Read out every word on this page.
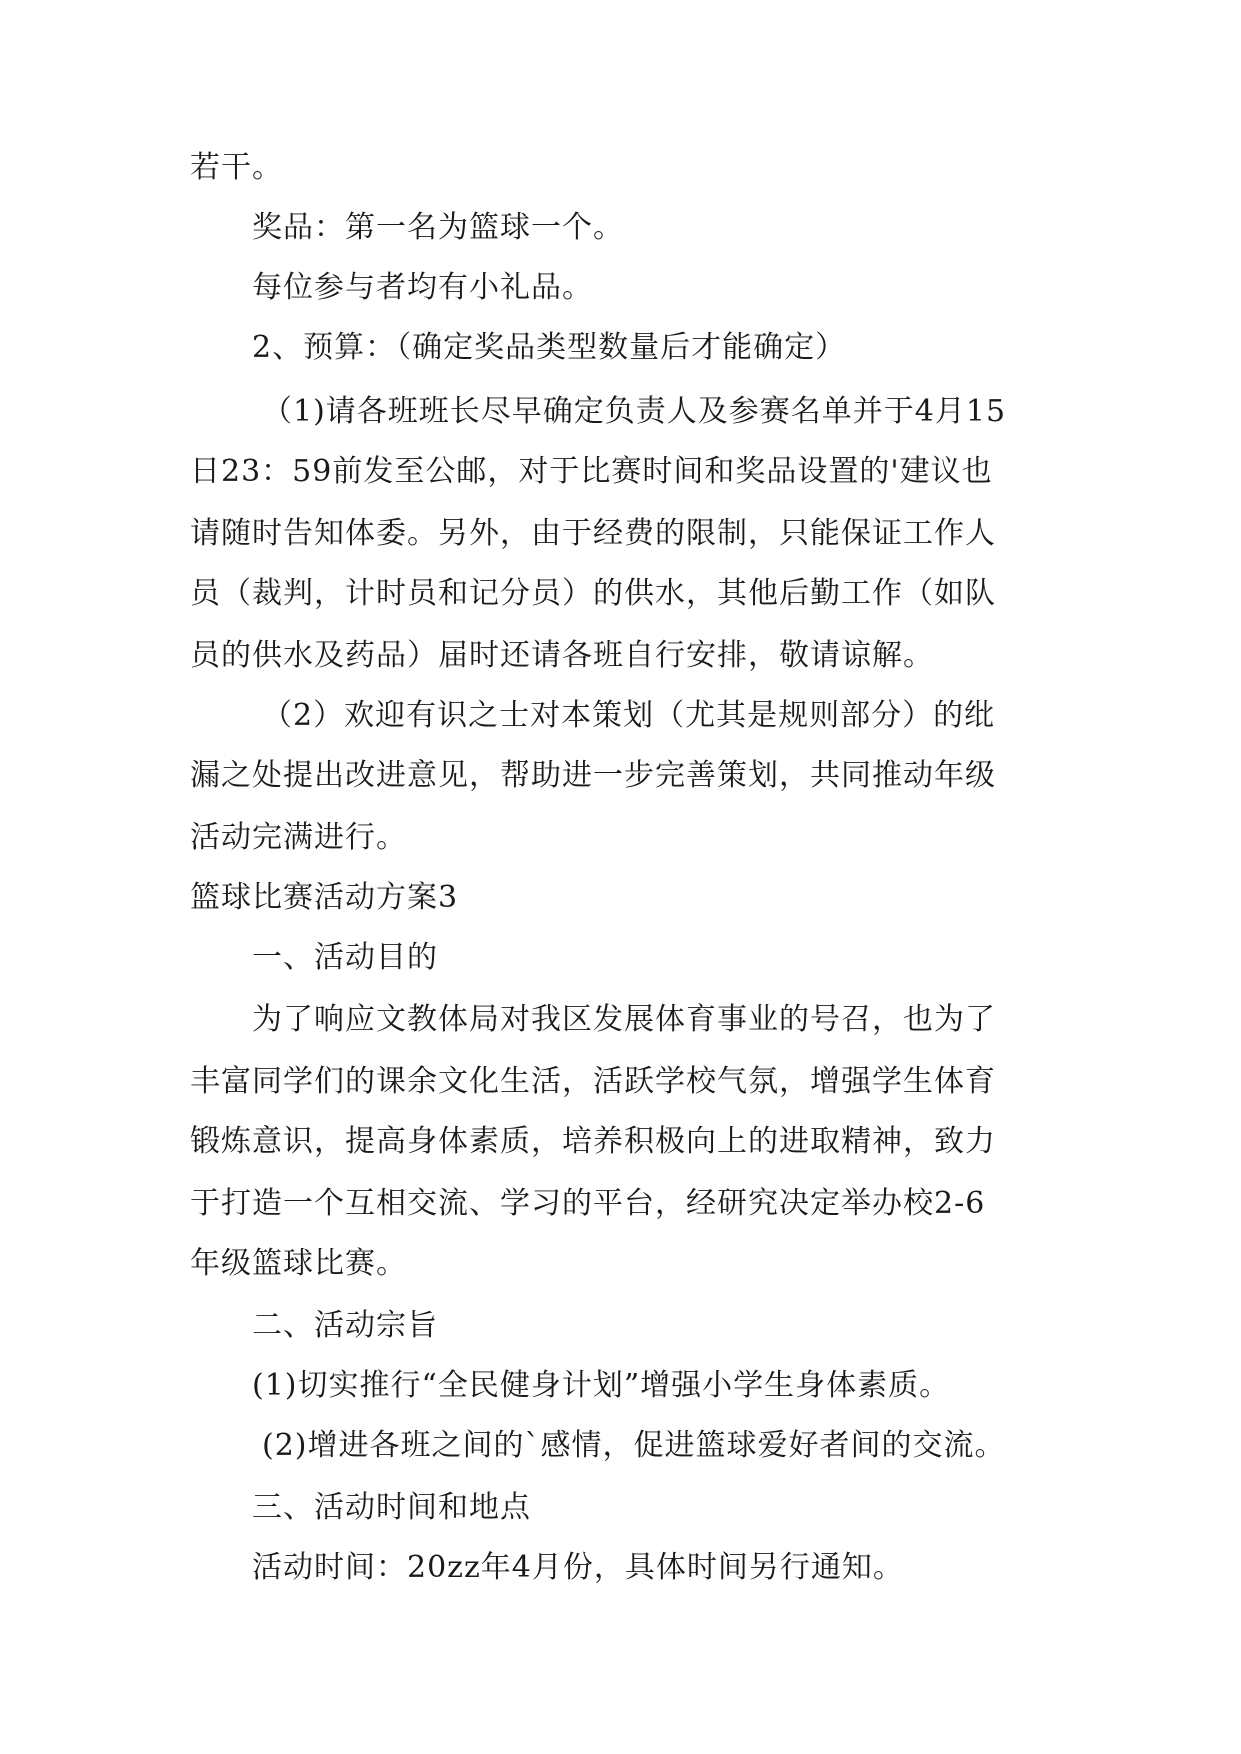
若干。
奖品：第一名为篮球一个。
每位参与者均有小礼品。
2、预算：（确定奖品类型数量后才能确定）
（1)请各班班长尽早确定负责人及参赛名单并于4月15
日23：59前发至公邮，对于比赛时间和奖品设置的'建议也
请随时告知体委。另外，由于经费的限制，只能保证工作人
员（裁判，计时员和记分员）的供水，其他后勤工作（如队
员的供水及药品）届时还请各班自行安排，敬请谅解。
（2）欢迎有识之士对本策划（尤其是规则部分）的纰
漏之处提出改进意见，帮助进一步完善策划，共同推动年级
活动完满进行。
篮球比赛活动方案3
一、活动目的
为了响应文教体局对我区发展体育事业的号召，也为了
丰富同学们的课余文化生活，活跃学校气氛，增强学生体育
锻炼意识，提高身体素质，培养积极向上的进取精神，致力
于打造一个互相交流、学习的平台，经研究决定举办校2-6
年级篮球比赛。
二、活动宗旨
(1)切实推行“全民健身计划”增强小学生身体素质。
(2)增进各班之间的`感情，促进篮球爱好者间的交流。
三、活动时间和地点
活动时间：20zz年4月份，具体时间另行通知。
